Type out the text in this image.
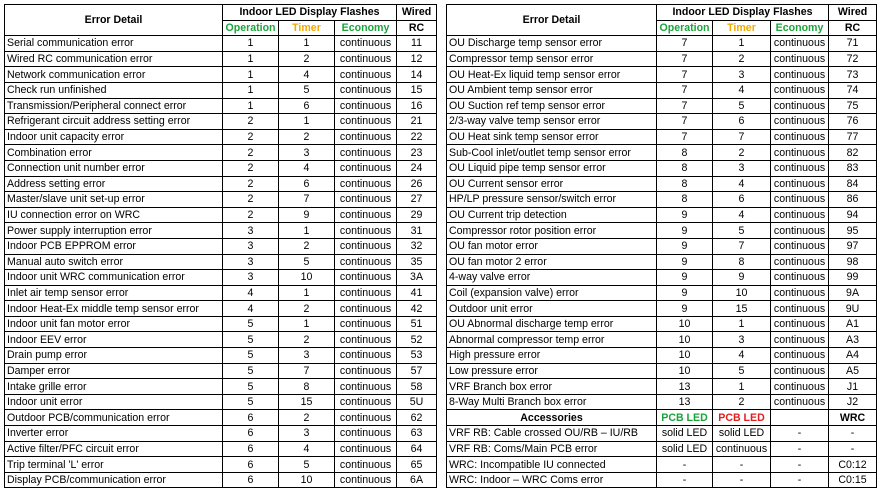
Error Detail	Indoor LED Display Flashes			Wired
	Operation	Timer	Economy	RC
Serial communication error	1	1	continuous	11
Wired RC communication error	1	2	continuous	12
Network communication error	1	4	continuous	14
Check run unfinished	1	5	continuous	15
Transmission/Peripheral connect error	1	6	continuous	16
Refrigerant circuit address setting error	2	1	continuous	21
Indoor unit capacity error	2	2	continuous	22
Combination error	2	3	continuous	23
Connection unit number error	2	4	continuous	24
Address setting error	2	6	continuous	26
Master/slave unit set-up error	2	7	continuous	27
IU connection error on WRC	2	9	continuous	29
Power supply interruption error	3	1	continuous	31
Indoor PCB EPPROM error	3	2	continuous	32
Manual auto switch error	3	5	continuous	35
Indoor unit WRC communication error	3	10	continuous	3A
Inlet air temp sensor error	4	1	continuous	41
Indoor Heat-Ex middle temp sensor error	4	2	continuous	42
Indoor unit fan motor error	5	1	continuous	51
Indoor EEV error	5	2	continuous	52
Drain pump error	5	3	continuous	53
Damper error	5	7	continuous	57
Intake grille error	5	8	continuous	58
Indoor unit error	5	15	continuous	5U
Outdoor PCB/communication error	6	2	continuous	62
Inverter error	6	3	continuous	63
Active filter/PFC circuit error	6	4	continuous	64
Trip terminal 'L' error	6	5	continuous	65
Display PCB/communication error	6	10	continuous	6A
Error Detail	Indoor LED Display Flashes			Wired
	Operation	Timer	Economy	RC
OU Discharge temp sensor error	7	1	continuous	71
Compressor temp sensor error	7	2	continuous	72
OU Heat-Ex liquid temp sensor error	7	3	continuous	73
OU Ambient temp sensor error	7	4	continuous	74
OU Suction ref temp sensor error	7	5	continuous	75
2/3-way valve temp sensor error	7	6	continuous	76
OU Heat sink temp sensor error	7	7	continuous	77
Sub-Cool inlet/outlet temp sensor error	8	2	continuous	82
OU Liquid pipe temp sensor error	8	3	continuous	83
OU Current sensor error	8	4	continuous	84
HP/LP pressure sensor/switch error	8	6	continuous	86
OU Current trip detection	9	4	continuous	94
Compressor rotor position error	9	5	continuous	95
OU fan motor error	9	7	continuous	97
OU fan motor 2 error	9	8	continuous	98
4-way valve error	9	9	continuous	99
Coil (expansion valve) error	9	10	continuous	9A
Outdoor unit error	9	15	continuous	9U
OU Abnormal discharge temp error	10	1	continuous	A1
Abnormal compressor temp error	10	3	continuous	A3
High pressure error	10	4	continuous	A4
Low pressure error	10	5	continuous	A5
VRF Branch box error	13	1	continuous	J1
8-Way Multi Branch box error	13	2	continuous	J2
Accessories	PCB LED	PCB LED		WRC
VRF RB: Cable crossed OU/RB – IU/RB	solid LED	solid LED	-	-
VRF RB: Coms/Main PCB error	solid LED	continuous	-	-
WRC: Incompatible IU connected	-	-	-	C0:12
WRC: Indoor – WRC Coms error	-	-	-	C0:15
